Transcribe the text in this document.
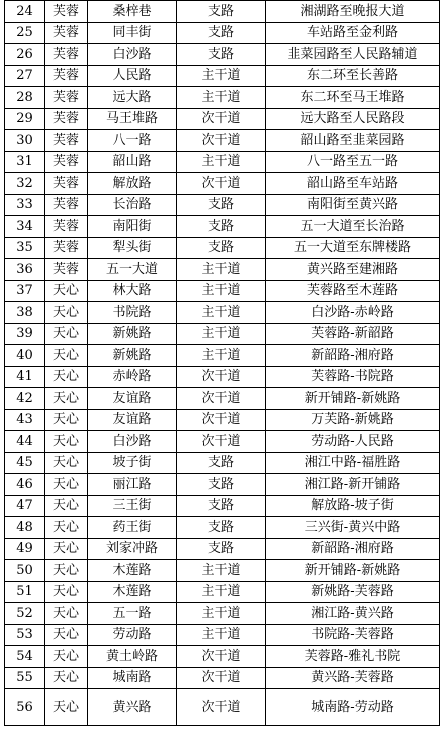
24	芙蓉	桑梓巷	支路	湘湖路至晚报大道
25	芙蓉	同丰街	支路	车站路至金利路
26	芙蓉	白沙路	支路	韭菜园路至人民路辅道
27	芙蓉	人民路	主干道	东二环至长善路
28	芙蓉	远大路	主干道	东二环至马王堆路
29	芙蓉	马王堆路	次干道	远大路至人民路段
30	芙蓉	八一路	次干道	韶山路至韭菜园路
31	芙蓉	韶山路	主干道	八一路至五一路
32	芙蓉	解放路	次干道	韶山路至车站路
33	芙蓉	长治路	支路	南阳街至黄兴路
34	芙蓉	南阳街	支路	五一大道至长治路
35	芙蓉	犁头街	支路	五一大道至东牌楼路
36	芙蓉	五一大道	主干道	黄兴路至建湘路
37	天心	林大路	主干道	芙蓉路至木莲路
38	天心	书院路	主干道	白沙路-赤岭路
39	天心	新姚路	主干道	芙蓉路-新韶路
40	天心	新姚路	主干道	新韶路-湘府路
41	天心	赤岭路	次干道	芙蓉路-书院路
42	天心	友谊路	次干道	新开铺路-新姚路
43	天心	友谊路	次干道	万芙路-新姚路
44	天心	白沙路	次干道	劳动路-人民路
45	天心	坡子街	支路	湘江中路-福胜路
46	天心	丽江路	支路	湘江路-新开铺路
47	天心	三王街	支路	解放路-坡子街
48	天心	药王街	支路	三兴街-黄兴中路
49	天心	刘家冲路	支路	新韶路-湘府路
50	天心	木莲路	主干道	新开铺路-新姚路
51	天心	木莲路	主干道	新姚路-芙蓉路
52	天心	五一路	主干道	湘江路-黄兴路
53	天心	劳动路	主干道	书院路-芙蓉路
54	天心	黄土岭路	次干道	芙蓉路-雅礼书院
55	天心	城南路	次干道	黄兴路-芙蓉路
56	天心	黄兴路	次干道	城南路-劳动路
